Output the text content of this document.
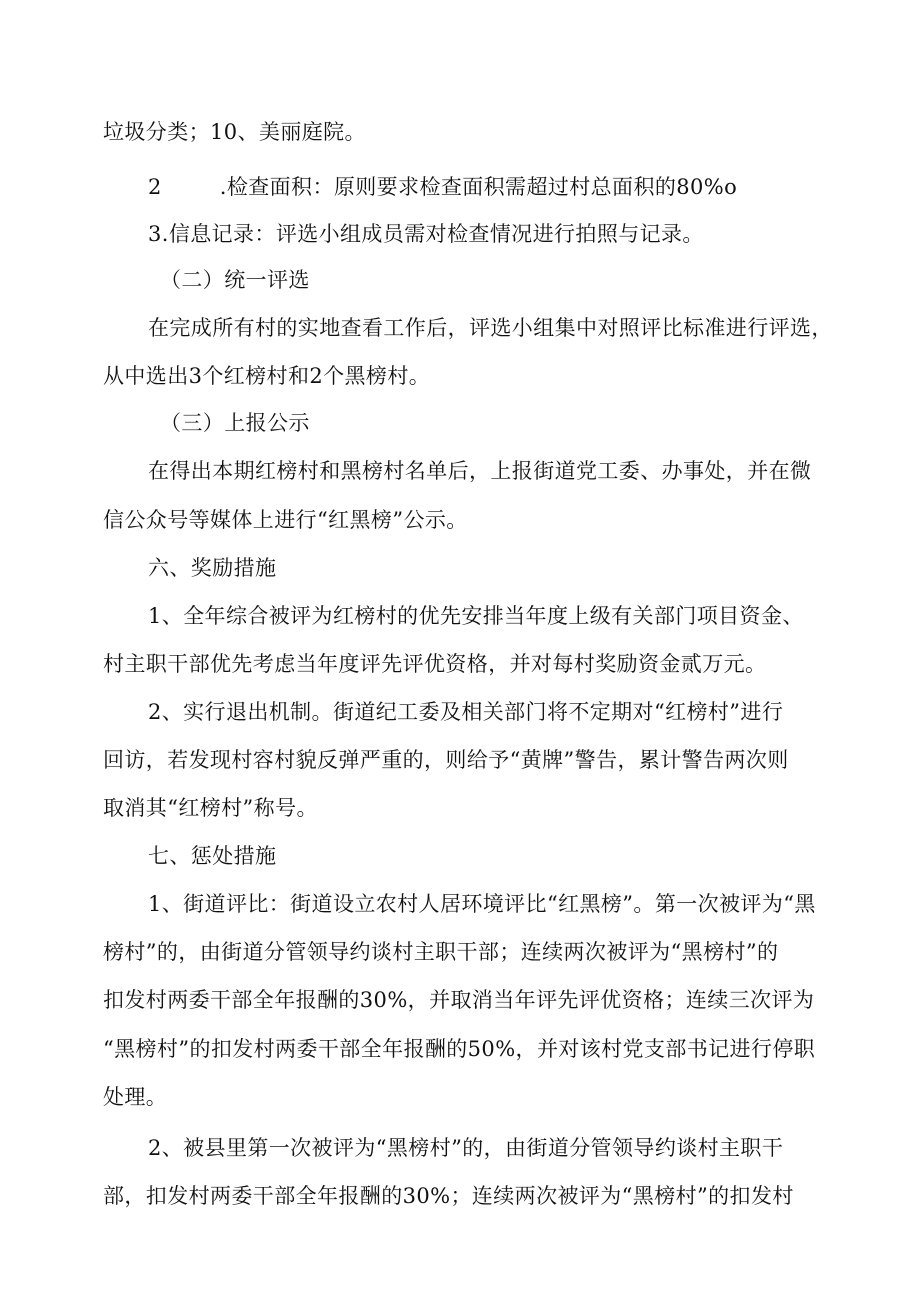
垃圾分类；10、美丽庭院。

2	.检查面积：原则要求检查面积需超过村总面积的80%o

3.信息记录：评选小组成员需对检查情况进行拍照与记录。

（二）统一评选

在完成所有村的实地查看工作后，评选小组集中对照评比标准进行评选，

从中选出3个红榜村和2个黑榜村。

（三）上报公示

在得出本期红榜村和黑榜村名单后，上报街道党工委、办事处，并在微

信公众号等媒体上进行“红黑榜”公示。

六、奖励措施

1、全年综合被评为红榜村的优先安排当年度上级有关部门项目资金、

村主职干部优先考虑当年度评先评优资格，并对每村奖励资金贰万元。

2、实行退出机制。街道纪工委及相关部门将不定期对“红榜村”进行

回访，若发现村容村貌反弹严重的，则给予“黄牌”警告，累计警告两次则

取消其“红榜村”称号。

七、惩处措施

1、街道评比：街道设立农村人居环境评比“红黑榜”。第一次被评为“黑

榜村”的，由街道分管领导约谈村主职干部；连续两次被评为“黑榜村”的

扣发村两委干部全年报酬的30%，并取消当年评先评优资格；连续三次评为

“黑榜村”的扣发村两委干部全年报酬的50%，并对该村党支部书记进行停职

处理。

2、被县里第一次被评为“黑榜村”的，由街道分管领导约谈村主职干

部，扣发村两委干部全年报酬的30%；连续两次被评为“黑榜村”的扣发村
